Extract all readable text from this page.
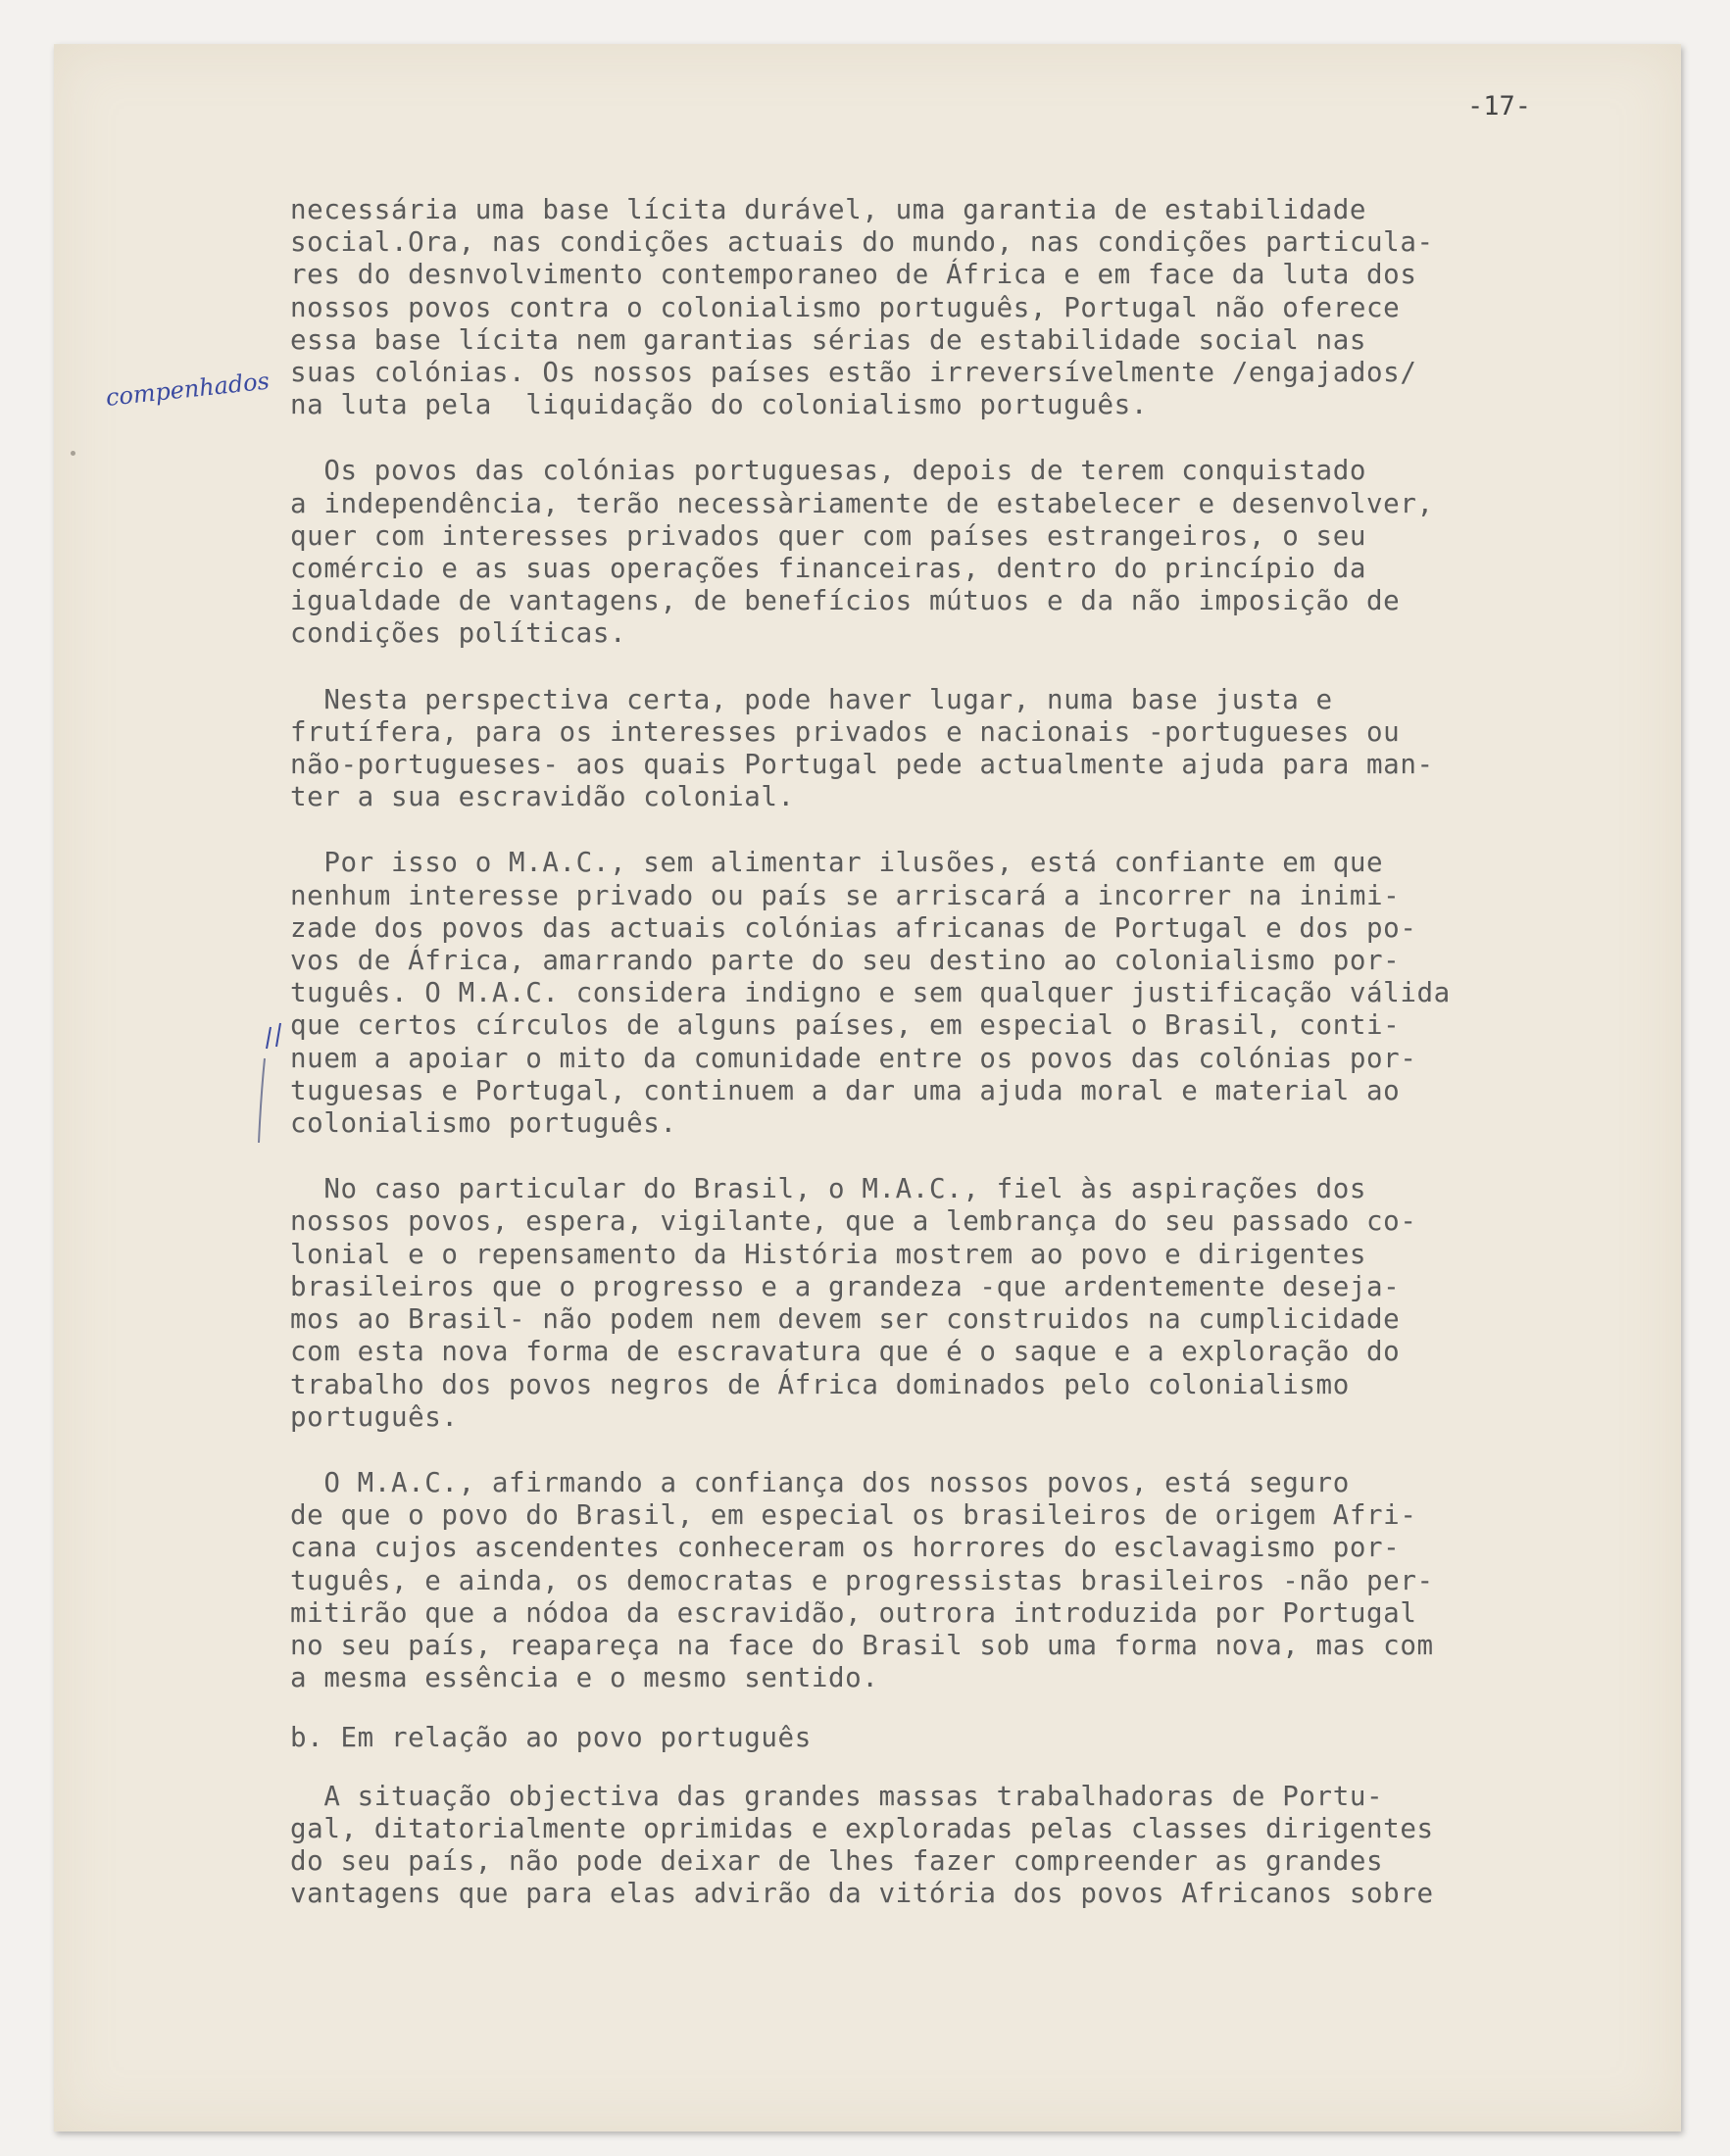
-17-
compenhados
necessária uma base lícita durável, uma garantia de estabilidade
social.Ora, nas condições actuais do mundo, nas condições particula-
res do desnvolvimento contemporaneo de África e em face da luta dos
nossos povos contra o colonialismo português, Portugal não oferece
essa base lícita nem garantias sérias de estabilidade social nas
suas colónias. Os nossos países estão irreversívelmente /engajados/
na luta pela  liquidação do colonialismo português.
Os povos das colónias portuguesas, depois de terem conquistado
a independência, terão necessàriamente de estabelecer e desenvolver,
quer com interesses privados quer com países estrangeiros, o seu
comércio e as suas operações financeiras, dentro do princípio da
igualdade de vantagens, de benefícios mútuos e da não imposição de
condições políticas.
Nesta perspectiva certa, pode haver lugar, numa base justa e
frutífera, para os interesses privados e nacionais -portugueses ou
não-portugueses- aos quais Portugal pede actualmente ajuda para man-
ter a sua escravidão colonial.
Por isso o M.A.C., sem alimentar ilusões, está confiante em que
nenhum interesse privado ou país se arriscará a incorrer na inimi-
zade dos povos das actuais colónias africanas de Portugal e dos po-
vos de África, amarrando parte do seu destino ao colonialismo por-
tuguês. O M.A.C. considera indigno e sem qualquer justificação válida
que certos círculos de alguns países, em especial o Brasil, conti-
nuem a apoiar o mito da comunidade entre os povos das colónias por-
tuguesas e Portugal, continuem a dar uma ajuda moral e material ao
colonialismo português.
No caso particular do Brasil, o M.A.C., fiel às aspirações dos
nossos povos, espera, vigilante, que a lembrança do seu passado co-
lonial e o repensamento da História mostrem ao povo e dirigentes
brasileiros que o progresso e a grandeza -que ardentemente deseja-
mos ao Brasil- não podem nem devem ser construidos na cumplicidade
com esta nova forma de escravatura que é o saque e a exploração do
trabalho dos povos negros de África dominados pelo colonialismo
português.
O M.A.C., afirmando a confiança dos nossos povos, está seguro
de que o povo do Brasil, em especial os brasileiros de origem Afri-
cana cujos ascendentes conheceram os horrores do esclavagismo por-
tuguês, e ainda, os democratas e progressistas brasileiros -não per-
mitirão que a nódoa da escravidão, outrora introduzida por Portugal
no seu país, reapareça na face do Brasil sob uma forma nova, mas com
a mesma essência e o mesmo sentido.
b. Em relação ao povo português
A situação objectiva das grandes massas trabalhadoras de Portu-
gal, ditatorialmente oprimidas e exploradas pelas classes dirigentes
do seu país, não pode deixar de lhes fazer compreender as grandes
vantagens que para elas advirão da vitória dos povos Africanos sobre
